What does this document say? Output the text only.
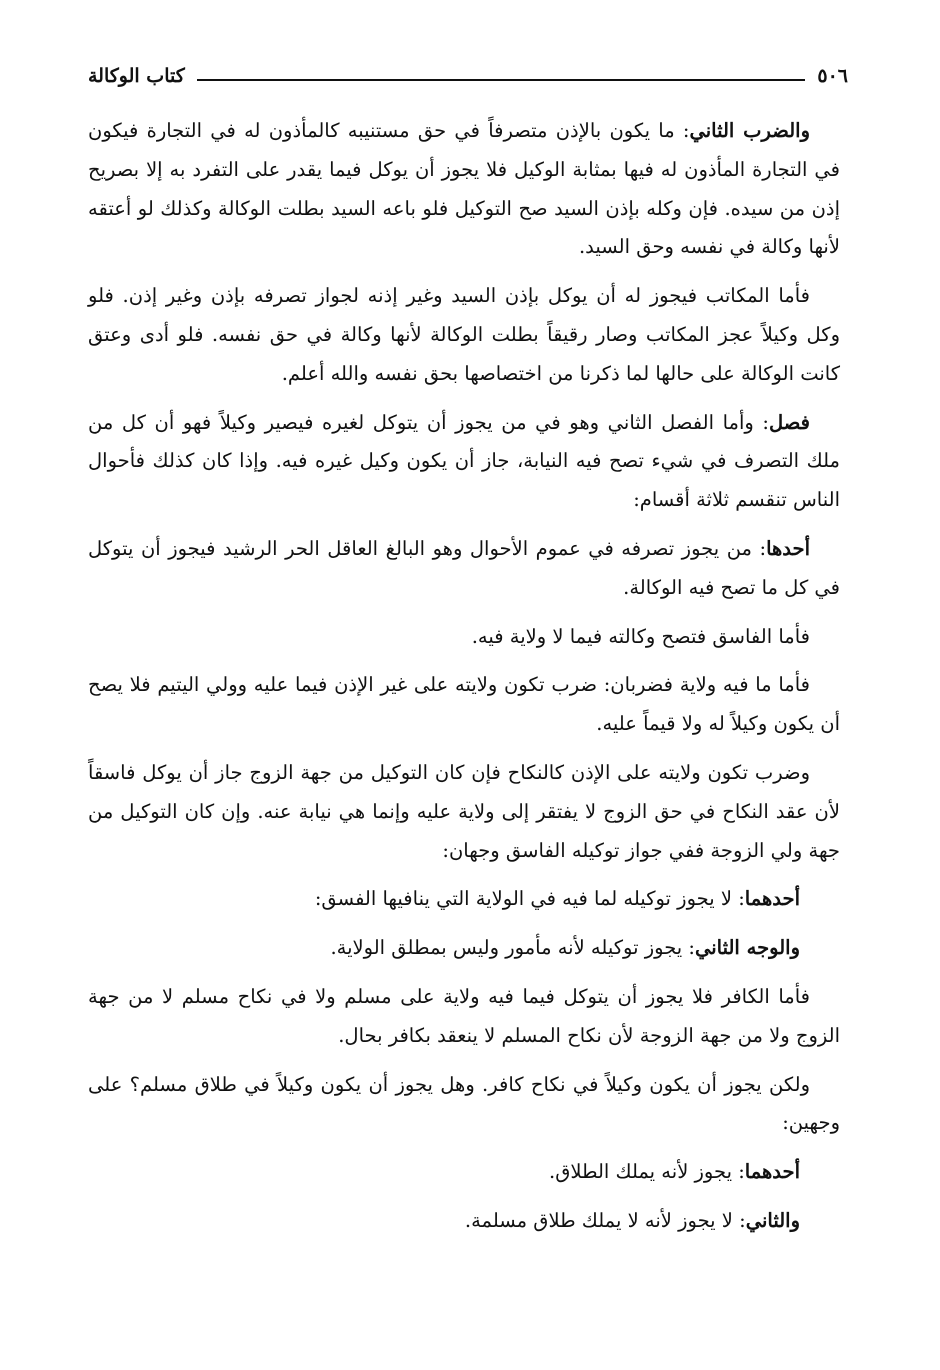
٥٠٦
كتاب الوكالة

والضرب الثاني: ما يكون بالإذن متصرفاً في حق مستنيبه كالمأذون له في التجارة فيكون في التجارة المأذون له فيها بمثابة الوكيل فلا يجوز أن يوكل فيما يقدر على التفرد به إلا بصريح إذن من سيده. فإن وكله بإذن السيد صح التوكيل فلو باعه السيد بطلت الوكالة وكذلك لو أعتقه لأنها وكالة في نفسه وحق السيد.

فأما المكاتب فيجوز له أن يوكل بإذن السيد وغير إذنه لجواز تصرفه بإذن وغير إذن. فلو وكل وكيلاً عجز المكاتب وصار رقيقاً بطلت الوكالة لأنها وكالة في حق نفسه. فلو أدى وعتق كانت الوكالة على حالها لما ذكرنا من اختصاصها بحق نفسه والله أعلم.

فصل: وأما الفصل الثاني وهو في من يجوز أن يتوكل لغيره فيصير وكيلاً فهو أن كل من ملك التصرف في شيء تصح فيه النيابة، جاز أن يكون وكيل غيره فيه. وإذا كان كذلك فأحوال الناس تنقسم ثلاثة أقسام:

أحدها: من يجوز تصرفه في عموم الأحوال وهو البالغ العاقل الحر الرشيد فيجوز أن يتوكل في كل ما تصح فيه الوكالة.

فأما الفاسق فتصح وكالته فيما لا ولاية فيه.

فأما ما فيه ولاية فضربان: ضرب تكون ولايته على غير الإذن فيما عليه وولي اليتيم فلا يصح أن يكون وكيلاً له ولا قيماً عليه.

وضرب تكون ولايته على الإذن كالنكاح فإن كان التوكيل من جهة الزوج جاز أن يوكل فاسقاً لأن عقد النكاح في حق الزوج لا يفتقر إلى ولاية عليه وإنما هي نيابة عنه. وإن كان التوكيل من جهة ولي الزوجة ففي جواز توكيله الفاسق وجهان:

أحدهما: لا يجوز توكيله لما فيه في الولاية التي ينافيها الفسق:

والوجه الثاني: يجوز توكيله لأنه مأمور وليس بمطلق الولاية.

فأما الكافر فلا يجوز أن يتوكل فيما فيه ولاية على مسلم ولا في نكاح مسلم لا من جهة الزوج ولا من جهة الزوجة لأن نكاح المسلم لا ينعقد بكافر بحال.

ولكن يجوز أن يكون وكيلاً في نكاح كافر. وهل يجوز أن يكون وكيلاً في طلاق مسلم؟ على وجهين:

أحدهما: يجوز لأنه يملك الطلاق.

والثاني: لا يجوز لأنه لا يملك طلاق مسلمة.
